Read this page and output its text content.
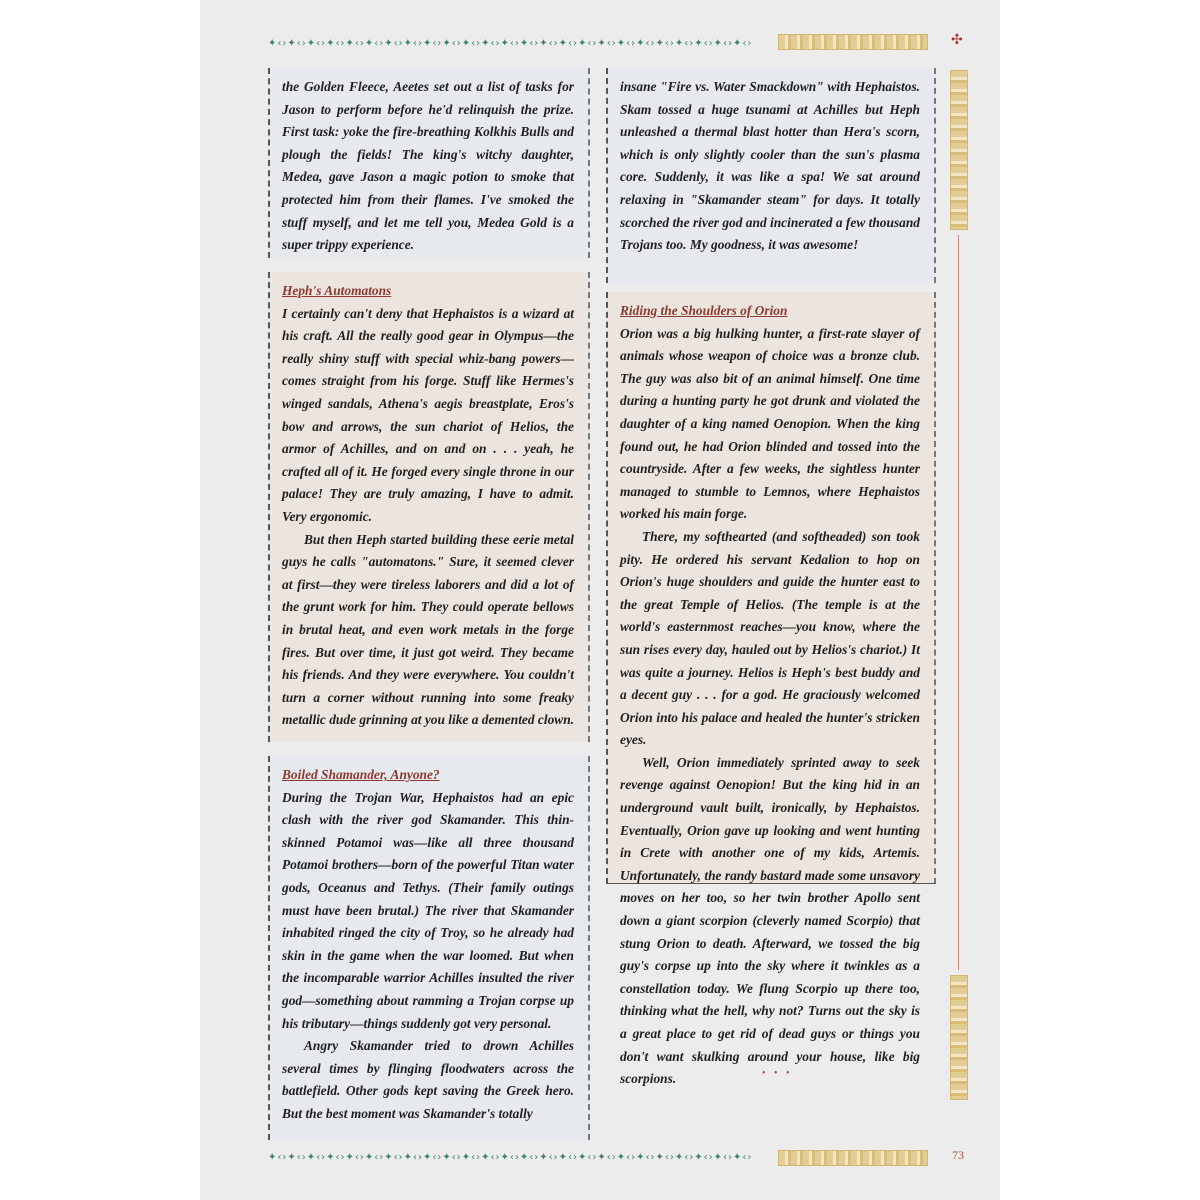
✦‹›✦‹›✦‹›✦‹›✦‹›✦‹›✦‹›✦‹›✦‹›✦‹›✦‹›✦‹›✦‹›✦‹›✦‹›✦‹›✦‹›✦‹›✦‹›✦‹›✦‹›✦‹›✦‹›✦‹›✦‹›	✣
✦‹›✦‹›✦‹›✦‹›✦‹›✦‹›✦‹›✦‹›✦‹›✦‹›✦‹›✦‹›✦‹›✦‹›✦‹›✦‹›✦‹›✦‹›✦‹›✦‹›✦‹›✦‹›✦‹›✦‹›✦‹›	73
• • •

the Golden Fleece, Aeetes set out a list of tasks for Jason to perform before he'd relinquish the prize. First task: yoke the fire-breathing Kolkhis Bulls and plough the fields! The king's witchy daughter, Medea, gave Jason a magic potion to smoke that protected him from their flames. I've smoked the stuff myself, and let me tell you, Medea Gold is a super trippy experience.

Heph's Automatons

I certainly can't deny that Hephaistos is a wizard at his craft. All the really good gear in Olympus—the really shiny stuff with special whiz-bang powers—comes straight from his forge. Stuff like Hermes's winged sandals, Athena's aegis breastplate, Eros's bow and arrows, the sun chariot of Helios, the armor of Achilles, and on and on . . . yeah, he crafted all of it. He forged every single throne in our palace! They are truly amazing, I have to admit. Very ergonomic.

But then Heph started building these eerie metal guys he calls "automatons." Sure, it seemed clever at first—they were tireless laborers and did a lot of the grunt work for him. They could operate bellows in brutal heat, and even work metals in the forge fires. But over time, it just got weird. They became his friends. And they were everywhere. You couldn't turn a corner without running into some freaky metallic dude grinning at you like a demented clown.

Boiled Shamander, Anyone?

During the Trojan War, Hephaistos had an epic clash with the river god Skamander. This thin-skinned Potamoi was—like all three thousand Potamoi brothers—born of the powerful Titan water gods, Oceanus and Tethys. (Their family outings must have been brutal.) The river that Skamander inhabited ringed the city of Troy, so he already had skin in the game when the war loomed. But when the incomparable warrior Achilles insulted the river god—something about ramming a Trojan corpse up his tributary—things suddenly got very personal.

Angry Skamander tried to drown Achilles several times by flinging floodwaters across the battlefield. Other gods kept saving the Greek hero. But the best moment was Skamander's totally

insane "Fire vs. Water Smackdown" with Hephaistos. Skam tossed a huge tsunami at Achilles but Heph unleashed a thermal blast hotter than Hera's scorn, which is only slightly cooler than the sun's plasma core. Suddenly, it was like a spa! We sat around relaxing in "Skamander steam" for days. It totally scorched the river god and incinerated a few thousand Trojans too. My goodness, it was awesome!

Riding the Shoulders of Orion

Orion was a big hulking hunter, a first-rate slayer of animals whose weapon of choice was a bronze club. The guy was also bit of an animal himself. One time during a hunting party he got drunk and violated the daughter of a king named Oenopion. When the king found out, he had Orion blinded and tossed into the countryside. After a few weeks, the sightless hunter managed to stumble to Lemnos, where Hephaistos worked his main forge.

There, my softhearted (and softheaded) son took pity. He ordered his servant Kedalion to hop on Orion's huge shoulders and guide the hunter east to the great Temple of Helios. (The temple is at the world's easternmost reaches—you know, where the sun rises every day, hauled out by Helios's chariot.) It was quite a journey. Helios is Heph's best buddy and a decent guy . . . for a god. He graciously welcomed Orion into his palace and healed the hunter's stricken eyes.

Well, Orion immediately sprinted away to seek revenge against Oenopion! But the king hid in an underground vault built, ironically, by Hephaistos. Eventually, Orion gave up looking and went hunting in Crete with another one of my kids, Artemis. Unfortunately, the randy bastard made some unsavory moves on her too, so her twin brother Apollo sent down a giant scorpion (cleverly named Scorpio) that stung Orion to death. Afterward, we tossed the big guy's corpse up into the sky where it twinkles as a constellation today. We flung Scorpio up there too, thinking what the hell, why not? Turns out the sky is a great place to get rid of dead guys or things you don't want skulking around your house, like big scorpions.
